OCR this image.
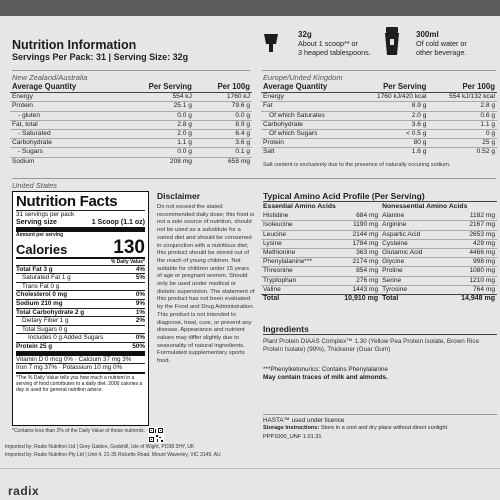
Nutrition Information
Servings Per Pack: 31 | Serving Size: 32g
32g
About 1 scoop** or
3 heaped tablespoons.
300ml
Of cold water or
other beverage.
New Zealand/Australia
Average Quantity	Per Serving	Per 100g
Energy	554 kJ	1760 kJ
Protein	25.1 g	79.6 g
- gluten	0.0 g	0.0 g
Fat, total	2.8 g	8.9 g
- Saturated	2.0 g	6.4 g
Carbohydrate	1.1 g	3.6 g
- Sugars	0.0 g	0.1 g
Sodium	208 mg	658 mg
Europe/United Kingdom
Average Quantity	Per Serving	Per 100g
Energy	1760 kJ/420 kcal	554 kJ/132 kcal
Fat	8.9 g	2.8 g
Of which Saturates	2.0 g	0.6 g
Carbohydrate	3.6 g	1.1 g
Of which Sugars	< 0.5 g	0 g
Protein	80 g	25 g
Salt	1.6 g	0.52 g
Salt content is exclusively due to the presence of naturally occuring sodium.
United States
Nutrition Facts
31 servings per pack
Serving size	1 Scoop (1.1 oz)
Amount per serving
Calories 130
% Daily Value*
Total Fat 3 g	4%
Saturated Fat 1 g	5%
Trans Fat 0 g
Cholesterol 0 mg	0%
Sodium 210 mg	9%
Total Carbohydrate 2 g	1%
Dietary Fiber 1 g	2%
Total Sugars 0 g
Includes 0 g Added Sugars	0%
Protein 25 g	50%
Vitamin D 0 mcg 0% · Calcium 37 mg 3%
Iron 7 mg 37% · Potassium 10 mg 0%
*The % Daily Value tells you how much a nutrient in a serving of food contributes to a daily diet. 2000 calories a day is used for general nutrition advice.
*Contains less than 2% of the Daily Value of these nutrients.
Disclaimer
Do not exceed the stated recommended daily dose; this food is not a sole source of nutrition, should not be used as a substitute for a varied diet and should be consumed in conjunction with a nutritious diet; this product should be stored out of the reach of young children. Not suitable for children under 15 years of age or pregnant women. Should only be used under medical or dietetic supervision. The statement of this product has not been evaluated by the Food and Drug Administration. This product is not intended to diagnose, treat, cure, or prevent any disease. Appearance and nutrient values may differ slightly due to seasonality of natural ingredients. Formulated supplementary sports food.
Typical Amino Acid Profile (Per Serving)
Essential Amino Acids		Nonessential Amino Acids	
Histidine	684 mg	Alanine	1182 mg
Isoleucine	1190 mg	Arginine	2167 mg
Leucine	2144 mg	Aspartic Acid	2653 mg
Lysine	1784 mg	Cysteine	429 mg
Methionine	363 mg	Glutamic Acid	4466 mg
Phenylalanine***	2174 mg	Glycine	998 mg
Threonine	854 mg	Proline	1080 mg
Tryptophan	276 mg	Serine	1210 mg
Valine	1443 mg	Tyrosine	764 mg
Total	10,910 mg	Total	14,948 mg
Ingredients
Plant Protein DIAAS Complex™ 1.30 (Yellow Pea Protein Isolate, Brown Rice Protein Isolate) (99%), Thickener (Guar Gum)
***Phenylketonurics: Contains Phenylalanine
May contain traces of milk and almonds.
HASTA™ used under licence
Storage Instructions: Store in a cool and dry place without direct sunlight.
PPP1000_UNF 1.01.31
Imported by: Radix Nutrition Ltd | Grey Gables, Godshill, Isle of Wight, PO38 3HY, UK
Imported by: Radix Nutrition Pty Ltd | Unit 4, 21-35 Ricketts Road, Mount Waverley, VIC 3149, AU
radix
